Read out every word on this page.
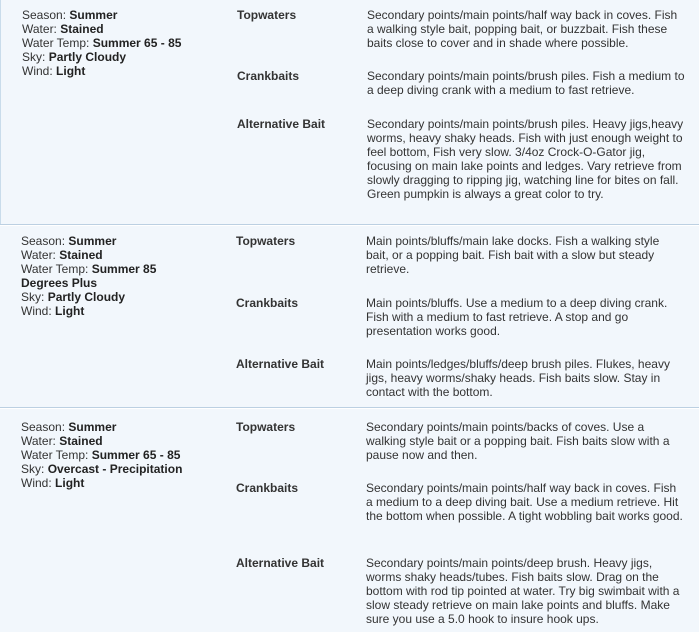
Season: Summer
Water: Stained
Water Temp: Summer 65 - 85
Sky: Partly Cloudy
Wind: Light
Topwaters	Secondary points/main points/half way back in coves. Fish a walking style bait, popping bait, or buzzbait. Fish these baits close to cover and in shade where possible.
Crankbaits	Secondary points/main points/brush piles. Fish a medium to a deep diving crank with a medium to fast retrieve.
Alternative Bait	Secondary points/main points/brush piles. Heavy jigs,heavy worms, heavy shaky heads. Fish with just enough weight to feel bottom, Fish very slow. 3/4oz Crock-O-Gator jig, focusing on main lake points and ledges. Vary retrieve from slowly dragging to ripping jig, watching line for bites on fall. Green pumpkin is always a great color to try.
Season: Summer
Water: Stained
Water Temp: Summer 85 Degrees Plus
Sky: Partly Cloudy
Wind: Light
Topwaters	Main points/bluffs/main lake docks. Fish a walking style bait, or a popping bait. Fish bait with a slow but steady retrieve.
Crankbaits	Main points/bluffs. Use a medium to a deep diving crank. Fish with a medium to fast retrieve. A stop and go presentation works good.
Alternative Bait	Main points/ledges/bluffs/deep brush piles. Flukes, heavy jigs, heavy worms/shaky heads. Fish baits slow. Stay in contact with the bottom.
Season: Summer
Water: Stained
Water Temp: Summer 65 - 85
Sky: Overcast - Precipitation
Wind: Light
Topwaters	Secondary points/main points/backs of coves. Use a walking style bait or a popping bait. Fish baits slow with a pause now and then.
Crankbaits	Secondary points/main points/half way back in coves. Fish a medium to a deep diving bait. Use a medium retrieve. Hit the bottom when possible. A tight wobbling bait works good.
Alternative Bait	Secondary points/main points/deep brush. Heavy jigs, worms shaky heads/tubes. Fish baits slow. Drag on the bottom with rod tip pointed at water. Try big swimbait with a slow steady retrieve on main lake points and bluffs. Make sure you use a 5.0 hook to insure hook ups.
